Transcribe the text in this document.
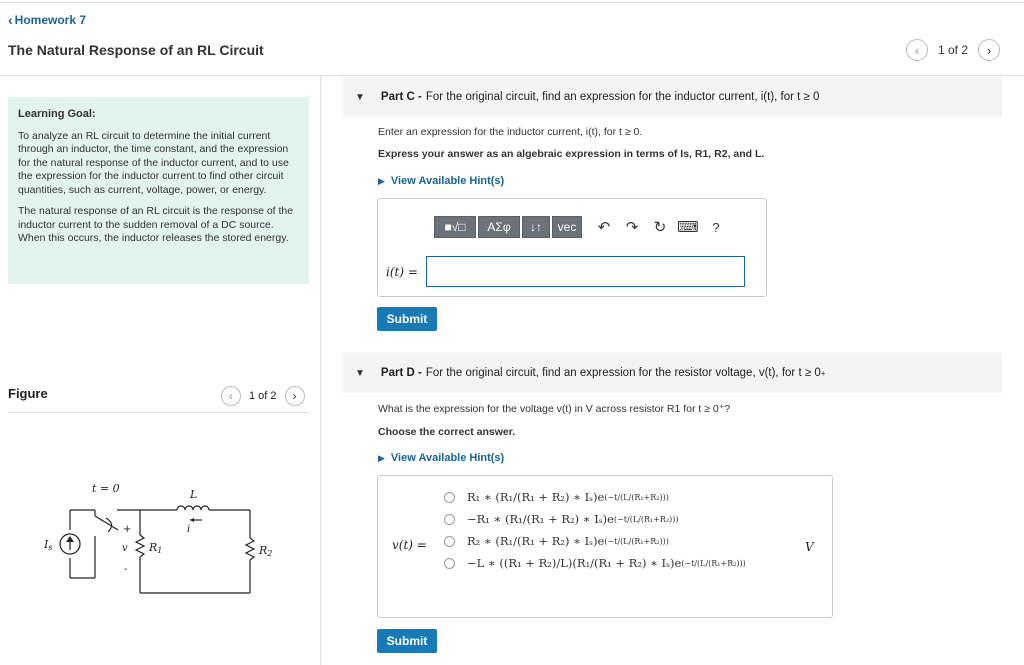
‹ Homework 7
The Natural Response of an RL Circuit	‹ 1 of 2 ›
Learning Goal:

To analyze an RL circuit to determine the initial current through an inductor, the time constant, and the expression for the natural response of the inductor current, and to use the expression for the inductor current to find other circuit quantities, such as current, voltage, power, or energy.

The natural response of an RL circuit is the response of the inductor current to the sudden removal of a DC source. When this occurs, the inductor releases the stored energy.

Figure	‹ 1 of 2 ›
t = 0	L
i
Is	v
+
-
R1	R2
▼ Part C - For the original circuit, find an expression for the inductor current, i(t), for t ≥ 0
Enter an expression for the inductor current, i(t), for t ≥ 0.
Express your answer as an algebraic expression in terms of Is, R1, R2, and L.
▶ View Available Hint(s)
■√□	ΑΣφ	↓↑	vec	↶	↷	↻ ⌨	?
i(t) =
Submit
▼ Part D - For the original circuit, find an expression for the resistor voltage, v(t), for t ≥ 0 +
What is the expression for the voltage v(t) in V across resistor R1 for t ≥ 0⁺?
Choose the correct answer.
▶ View Available Hint(s)
v(t) =
R₁ ∗ (R₁/(R₁ + R₂) ∗ Iₛ)e (−t/(L/(R₁+R₂)))
−R₁ ∗ (R₁/(R₁ + R₂) ∗ Iₛ)e (−t/(L/(R₁+R₂)))
R₂ ∗ (R₁/(R₁ + R₂) ∗ Iₛ)e (−t/(L/(R₁+R₂)))
−L ∗ ((R₁ + R₂)/L)(R₁/(R₁ + R₂) ∗ Iₛ)e (−t/(L/(R₁+R₂)))
V
Submit
